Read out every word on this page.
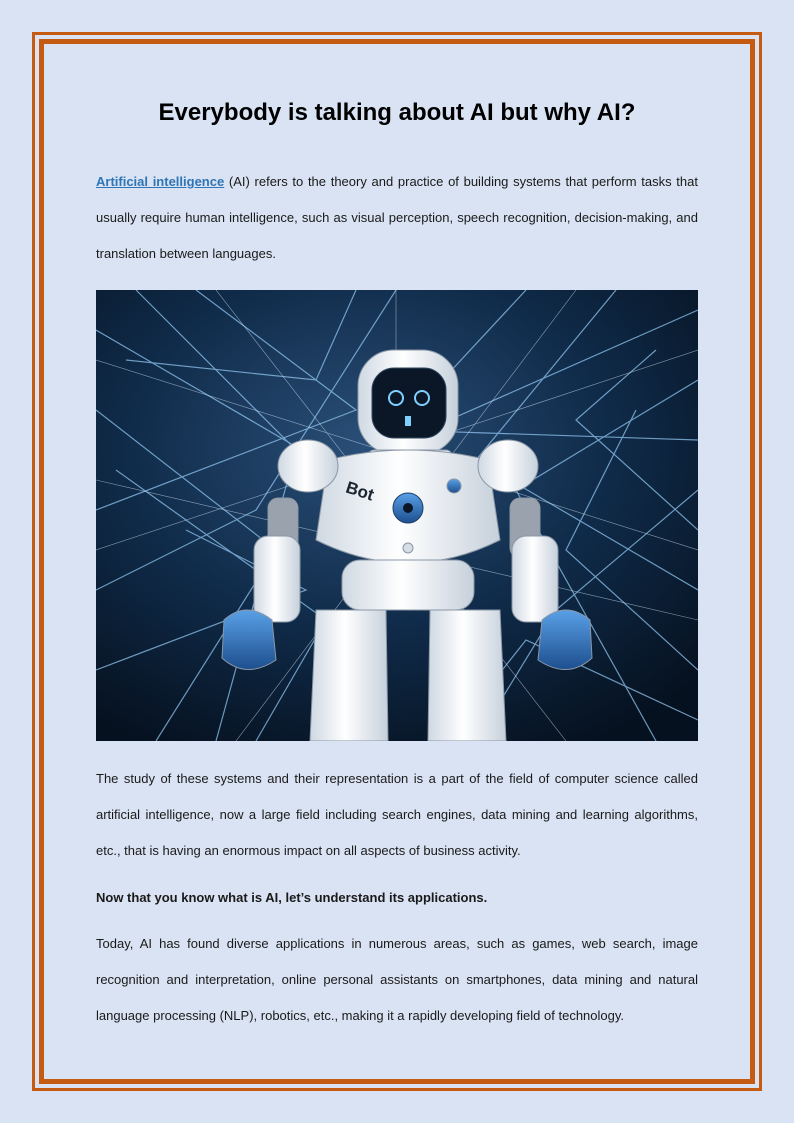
Everybody is talking about AI but why AI?

Artificial intelligence (AI) refers to the theory and practice of building systems that perform tasks that usually require human intelligence, such as visual perception, speech recognition, decision-making, and translation between languages.

Bot

The study of these systems and their representation is a part of the field of computer science called artificial intelligence, now a large field including search engines, data mining and learning algorithms, etc., that is having an enormous impact on all aspects of business activity.

Now that you know what is AI, let’s understand its applications.

Today, AI has found diverse applications in numerous areas, such as games, web search, image recognition and interpretation, online personal assistants on smartphones, data mining and natural language processing (NLP), robotics, etc., making it a rapidly developing field of technology.
